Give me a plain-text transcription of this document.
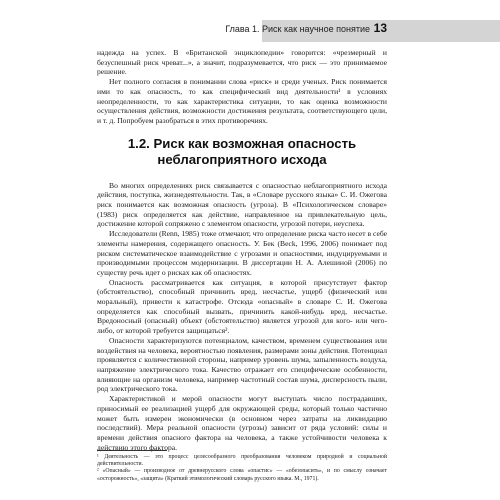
Глава 1. Риск как научное понятие 13

надежда на успех. В «Британской энциклопедии» говорится: «чрезмерный и безуспешный риск чреват...», а значит, подразумевается, что риск — это принимаемое решение.

Нет полного согласия в понимании слова «риск» и среди ученых. Риск понимается ими то как опасность, то как специфический вид деятельности¹ в условиях неопределенности, то как характеристика ситуации, то как оценка возможности осуществления действия, возможности достижения результата, соответствующего цели, и т. д. Попробуем разобраться в этих противоречиях.

1.2. Риск как возможная опасность неблагоприятного исхода

Во многих определениях риск связывается с опасностью неблагоприятного исхода действия, поступка, жизнедеятельности. Так, в «Словаре русского языка» С. И. Ожегова риск понимается как возможная опасность (угроза). В «Психологическом словаре» (1983) риск определяется как действие, направленное на привлекательную цель, достижение которой сопряжено с элементом опасности, угрозой потери, неуспеха.

Исследователи (Renn, 1985) тоже отмечают, что определение риска часто несет в себе элементы намерения, содержащего опасность. У. Бек (Beck, 1996, 2006) понимает под риском систематическое взаимодействие с угрозами и опасностями, индуцируемыми и производимыми процессом модернизации. В диссертации Н. А. Алешиной (2006) по существу речь идет о рисках как об опасностях.

Опасность рассматривается как ситуация, в которой присутствует фактор (обстоятельство), способный причинить вред, несчастье, ущерб (физический или моральный), привести к катастрофе. Отсюда «опасный» в словаре С. И. Ожегова определяется как способный вызвать, причинить какой-нибудь вред, несчастье. Вредоносный (опасный) объект (обстоятельство) является угрозой для кого- или чего-либо, от которой требуется защищаться².

Опасности характеризуются потенциалом, качеством, временем существования или воздействия на человека, вероятностью появления, размерами зоны действия. Потенциал проявляется с количественной стороны, например уровень шума, запыленность воздуха, напряжение электрического тока. Качество отражает его специфические особенности, влияющие на организм человека, например частотный состав шума, дисперсность пыли, род электрического тока.

Характеристикой и мерой опасности могут выступать число пострадавших, приносимый ее реализацией ущерб для окружающей среды, который только частично может быть измерен экономически (в основном через затраты на ликвидацию последствий). Мера реальной опасности (угрозы) зависит от ряда условий: силы и времени действия опасного фактора на человека, а также устойчивости человека к действию этого фактора.

¹ Деятельность — это процесс целесообразного преобразования человеком природной и социальной действительности.

² «Опасный» — производное от древнерусского слова «опастис» — «обезопасить», и по смыслу означает «осторожность», «защита» (Краткий этимологический словарь русского языка. М., 1971).
